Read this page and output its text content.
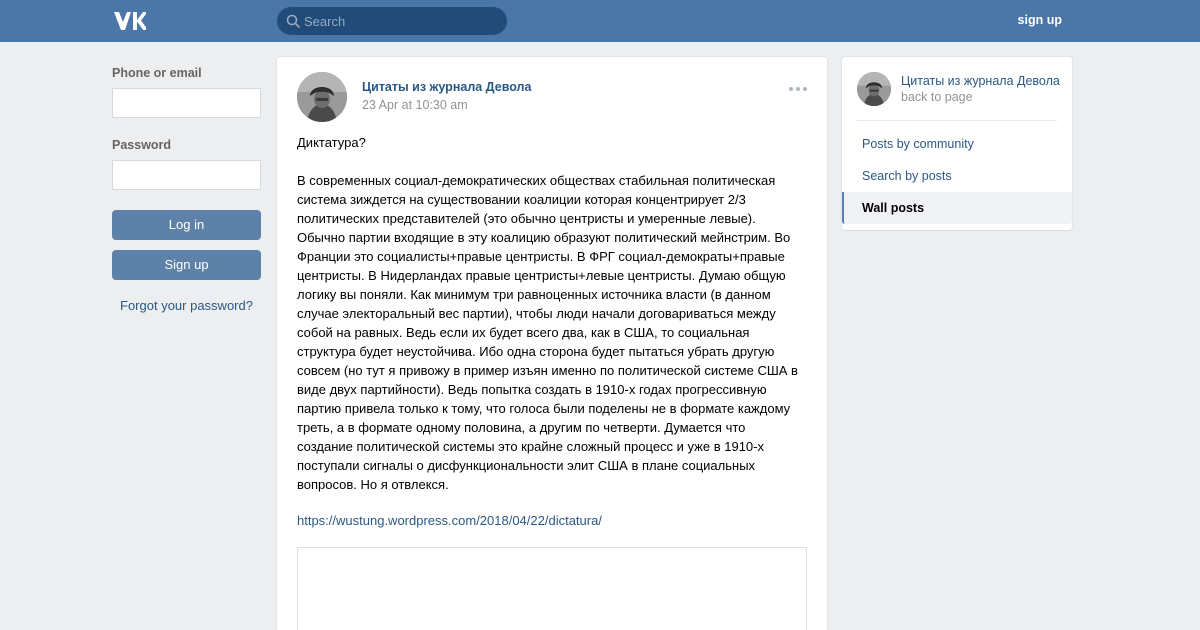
Search
sign up
Phone or email
Password
Log in
Sign up
Forgot your password?
Цитаты из журнала Девола
23 Apr at 10:30 am
Диктатура?

В современных социал-демократических обществах стабильная политическая
система зиждется на существовании коалиции которая концентрирует 2/3
политических представителей (это обычно центристы и умеренные левые).
Обычно партии входящие в эту коалицию образуют политический мейнстрим. Во
Франции это социалисты+правые центристы. В ФРГ социал-демократы+правые
центристы. В Нидерландах правые центристы+левые центристы. Думаю общую
логику вы поняли. Как минимум три равноценных источника власти (в данном
случае электоральный вес партии), чтобы люди начали договариваться между
собой на равных. Ведь если их будет всего два, как в США, то социальная
структура будет неустойчива. Ибо одна сторона будет пытаться убрать другую
совсем (но тут я привожу в пример изъян именно по политической системе США в
виде двух партийности). Ведь попытка создать в 1910-х годах прогрессивную
партию привела только к тому, что голоса были поделены не в формате каждому
треть, а в формате одному половина, а другим по четверти. Думается что
создание политической системы это крайне сложный процесс и уже в 1910-х
поступали сигналы о дисфункциональности элит США в плане социальных
вопросов. Но я отвлекся.
https://wustung.wordpress.com/2018/04/22/dictatura/
Цитаты из журнала Девола
back to page
Posts by community
Search by posts
Wall posts
